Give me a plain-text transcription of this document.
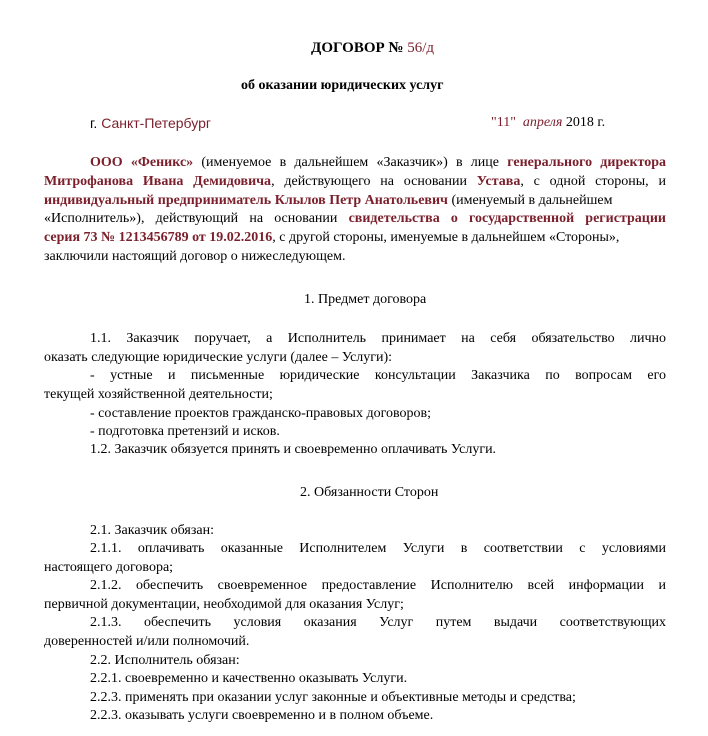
ДОГОВОР № 56/д
об оказании юридических услуг
г. Санкт-Петербург	"11" апреля 2018 г.
ООО «Феникс» (именуемое в дальнейшем «Заказчик») в лице генерального директора
Митрофанова Ивана Демидовича, действующего на основании Устава, с одной стороны, и
индивидуальный предприниматель Клылов Петр Анатольевич (именуемый в дальнейшем
«Исполнитель»), действующий на основании свидетельства о государственной регистрации
серия 73 № 1213456789 от 19.02.2016, с другой стороны, именуемые в дальнейшем «Стороны»,
заключили настоящий договор о нижеследующем.
1. Предмет договора
1.1. Заказчик поручает, а Исполнитель принимает на себя обязательство лично
оказать следующие юридические услуги (далее – Услуги):
- устные и письменные юридические консультации Заказчика по вопросам его
текущей хозяйственной деятельности;
- составление проектов гражданско-правовых договоров;
- подготовка претензий и исков.
1.2. Заказчик обязуется принять и своевременно оплачивать Услуги.
2. Обязанности Сторон
2.1. Заказчик обязан:
2.1.1. оплачивать оказанные Исполнителем Услуги в соответствии с условиями
настоящего договора;
2.1.2. обеспечить своевременное предоставление Исполнителю всей информации и
первичной документации, необходимой для оказания Услуг;
2.1.3. обеспечить условия оказания Услуг путем выдачи соответствующих
доверенностей и/или полномочий.
2.2. Исполнитель обязан:
2.2.1. своевременно и качественно оказывать Услуги.
2.2.3. применять при оказании услуг законные и объективные методы и средства;
2.2.3. оказывать услуги своевременно и в полном объеме.
